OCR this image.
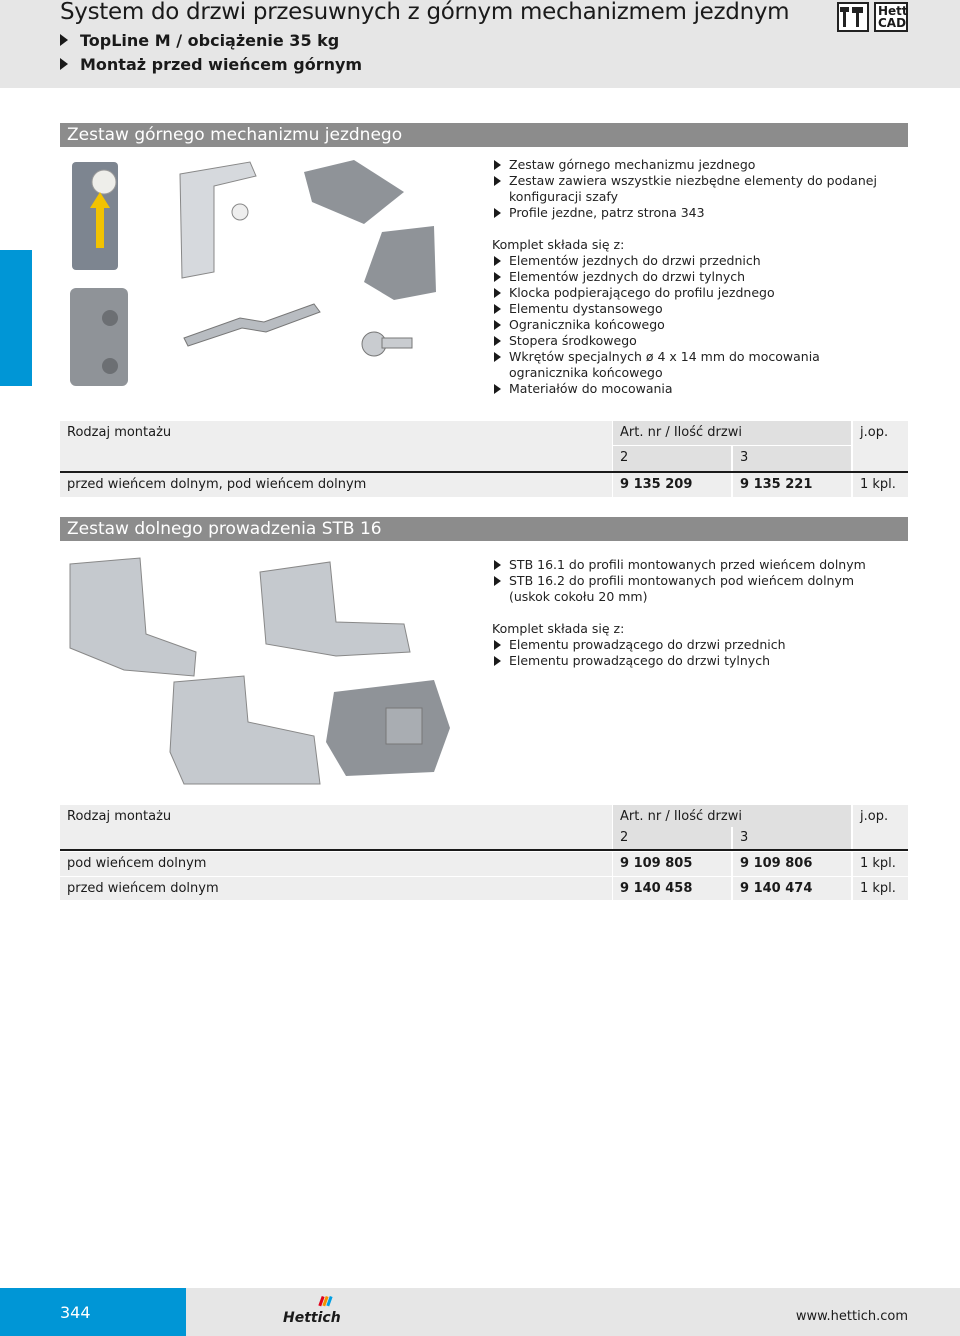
System do drzwi przesuwnych z górnym mechanizmem jezdnym
TopLine M / obciążenie 35 kg
Montaż przed wieńcem górnym
Hett
CAD
Zestaw górnego mechanizmu jezdnego
Zestaw górnego mechanizmu jezdnego
Zestaw zawiera wszystkie niezbędne elementy do podanej konfiguracji szafy
Profile jezdne, patrz strona 343
Komplet składa się z:
Elementów jezdnych do drzwi przednich
Elementów jezdnych do drzwi tylnych
Klocka podpierającego do profilu jezdnego
Elementu dystansowego
Ogranicznika końcowego
Stopera środkowego
Wkrętów specjalnych ø 4 x 14 mm do mocowania ogranicznika końcowego
Materiałów do mocowania
Rodzaj montażu	Art. nr / Ilość drzwi
2	3
j.op.
przed wieńcem dolnym, pod wieńcem dolnym	9 135 209	9 135 221	1 kpl.
Zestaw dolnego prowadzenia STB 16
STB 16.1 do profili montowanych przed wieńcem dolnym
STB 16.2 do profili montowanych pod wieńcem dolnym (uskok cokołu 20 mm)
Komplet składa się z:
Elementu prowadzącego do drzwi przednich
Elementu prowadzącego do drzwi tylnych
Rodzaj montażu	Art. nr / Ilość drzwi
2	3
j.op.
pod wieńcem dolnym	9 109 805	9 109 806	1 kpl.
przed wieńcem dolnym	9 140 458	9 140 474	1 kpl.
344	Hettich	www.hettich.com
